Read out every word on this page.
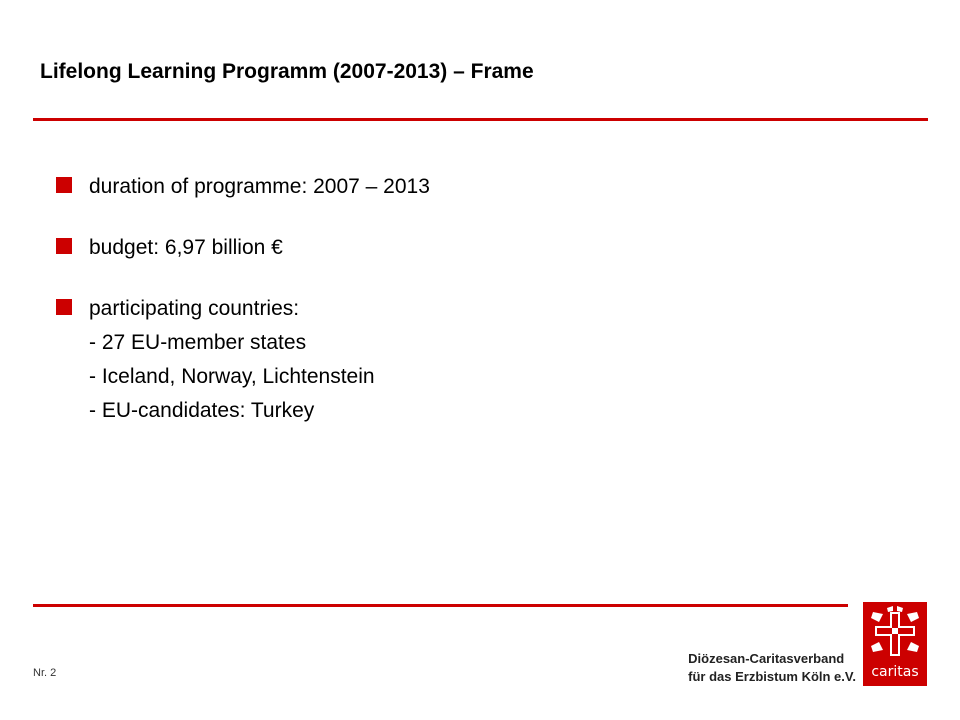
Lifelong Learning Programm (2007-2013) – Frame
duration of programme: 2007 – 2013
budget: 6,97 billion €
participating countries:
- 27 EU-member states
- Iceland, Norway, Lichtenstein
- EU-candidates: Turkey
Nr. 2
Diözesan-Caritasverband
für das Erzbistum Köln e.V.	caritas
